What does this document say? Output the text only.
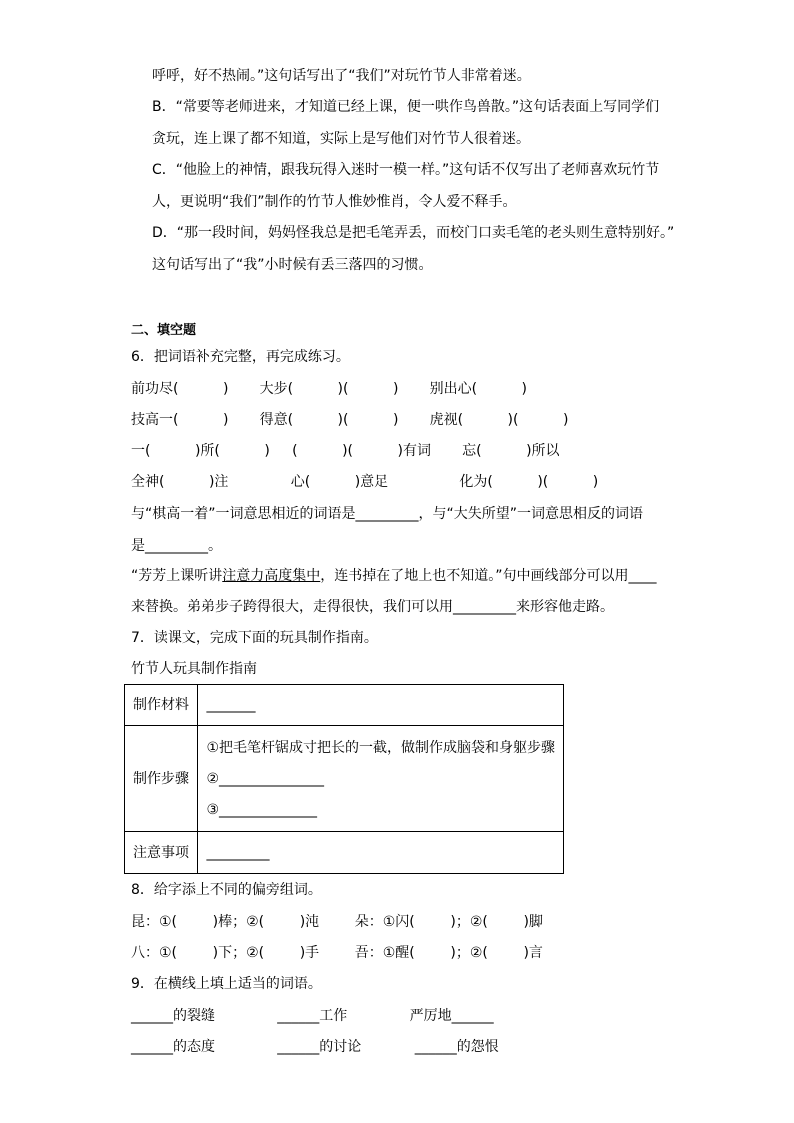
呼呼，好不热闹。”这句话写出了“我们”对玩竹节人非常着迷。
B．“常要等老师进来，才知道已经上课，便一哄作鸟兽散。”这句话表面上写同学们
贪玩，连上课了都不知道，实际上是写他们对竹节人很着迷。
C．“他脸上的神情，跟我玩得入迷时一模一样。”这句话不仅写出了老师喜欢玩竹节
人，更说明“我们”制作的竹节人惟妙惟肖，令人爱不释手。
D．“那一段时间，妈妈怪我总是把毛笔弄丢，而校门口卖毛笔的老头则生意特别好。”
这句话写出了“我”小时候有丢三落四的习惯。
二、填空题
6．把词语补充完整，再完成练习。
前功尽(          )       大步(          )(          )       别出心(          )
技高一(          )       得意(          )(          )       虎视(          )(          )
一(          )所(          )     (          )(          )有词       忘(          )所以
全神(          )注              心(          )意足                化为(          )(          )
与“棋高一着”一词意思相近的词语是_________，与“大失所望”一词意思相反的词语
是_________。
“芳芳上课听讲注意力高度集中，连书掉在了地上也不知道。”句中画线部分可以用____
来替换。弟弟步子跨得很大，走得很快，我们可以用_________来形容他走路。
7．读课文，完成下面的玩具制作指南。
竹节人玩具制作指南
制作材料	_______
制作步骤	①把毛笔杆锯成寸把长的一截，做制作成脑袋和身躯步骤
②_______________
③______________

注意事项	_________
8．给字添上不同的偏旁组词。
昆：①(        )棒；②(        )沌        朵：①闪(        )；②(        )脚
八：①(        )下；②(        )手        吾：①醒(        )；②(        )言
9．在横线上填上适当的词语。
______的裂缝              ______工作              严厉地______
______的态度              ______的讨论            ______的怨恨
